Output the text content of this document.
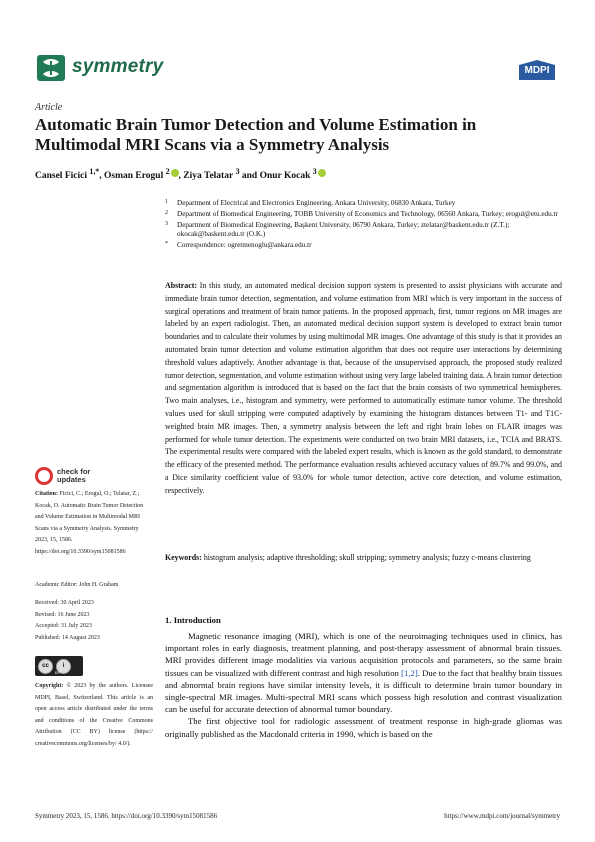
symmetry	MDPI
Article
Automatic Brain Tumor Detection and Volume Estimation in Multimodal MRI Scans via a Symmetry Analysis
Cansel Ficici $^{1,*}$, Osman Erogul $^2$ , Ziya Telatar $^3$ and Onur Kocak $^3$
1 Department of Electrical and Electronics Engineering, Ankara University, 06830 Ankara, Turkey
2 Department of Biomedical Engineering, TOBB University of Economics and Technology, 06560 Ankara, Turkey; erogul@etu.edu.tr
3 Department of Biomedical Engineering, Başkent University, 06790 Ankara, Turkey; ztelatar@baskent.edu.tr (Z.T.); okocak@baskent.edu.tr (O.K.)
* Correspondence: ogretmenoglu@ankara.edu.tr
Abstract: In this study, an automated medical decision support system is presented to assist physicians with accurate and immediate brain tumor detection, segmentation, and volume estimation from MRI which is very important in the success of surgical operations and treatment of brain tumor patients. In the proposed approach, first, tumor regions on MR images are labeled by an expert radiologist. Then, an automated medical decision support system is developed to extract brain tumor boundaries and to calculate their volumes by using multimodal MR images. One advantage of this study is that it provides an automated brain tumor detection and volume estimation algorithm that does not require user interactions by determining threshold values adaptively. Another advantage is that, because of the unsupervised approach, the proposed study realized tumor detection, segmentation, and volume estimation without using very large labeled training data. A brain tumor detection and segmentation algorithm is introduced that is based on the fact that the brain consists of two symmetrical hemispheres. Two main analyses, i.e., histogram and symmetry, were performed to automatically estimate tumor volume. The threshold values used for skull stripping were computed adaptively by examining the histogram distances between T1- and T1C-weighted brain MR images. Then, a symmetry analysis between the left and right brain lobes on FLAIR images was performed for whole tumor detection. The experiments were conducted on two brain MRI datasets, i.e., TCIA and BRATS. The experimental results were compared with the labeled expert results, which is known as the gold standard, to demonstrate the efficacy of the presented method. The performance evaluation results achieved accuracy values of 89.7% and 99.0%, and a Dice similarity coefficient value of 93.0% for whole tumor detection, active core detection, and volume estimation, respectively.
Keywords: histogram analysis; adaptive thresholding; skull stripping; symmetry analysis; fuzzy c-means clustering
check for updates
Citation: Ficici, C.; Erogul, O.; Telatar, Z.; Kocak, O. Automatic Brain Tumor Detection and Volume Estimation in Multimodal MRI Scans via a Symmetry Analysis. Symmetry 2023, 15, 1586. https://doi.org/10.3390/sym15081586
Academic Editor: John H. Graham
Received: 30 April 2023
Revised: 16 June 2023
Accepted: 31 July 2023
Published: 14 August 2023
cc	i
BY
Copyright: © 2023 by the authors. Licensee MDPI, Basel, Switzerland. This article is an open access article distributed under the terms and conditions of the Creative Commons Attribution (CC BY) license (https:// creativecommons.org/licenses/by/ 4.0/).
1. Introduction

Magnetic resonance imaging (MRI), which is one of the neuroimaging techniques used in clinics, has important roles in early diagnosis, treatment planning, and post-therapy assessment of abnormal brain tissues. MRI provides different image modalities via various acquisition protocols and parameters, so the same brain tissues can be visualized with different contrast and high resolution [1,2]. Due to the fact that healthy brain tissues and abnormal brain regions have similar intensity levels, it is difficult to determine brain tumor boundary in single-spectral MR images. Multi-spectral MRI scans which possess high resolution and contrast visualization can be useful for accurate detection of abnormal tumor boundary.

The first objective tool for radiologic assessment of treatment response in high-grade gliomas was originally published as the Macdonald criteria in 1990, which is based on the

Symmetry 2023, 15, 1586. https://doi.org/10.3390/sym15081586	https://www.mdpi.com/journal/symmetry
